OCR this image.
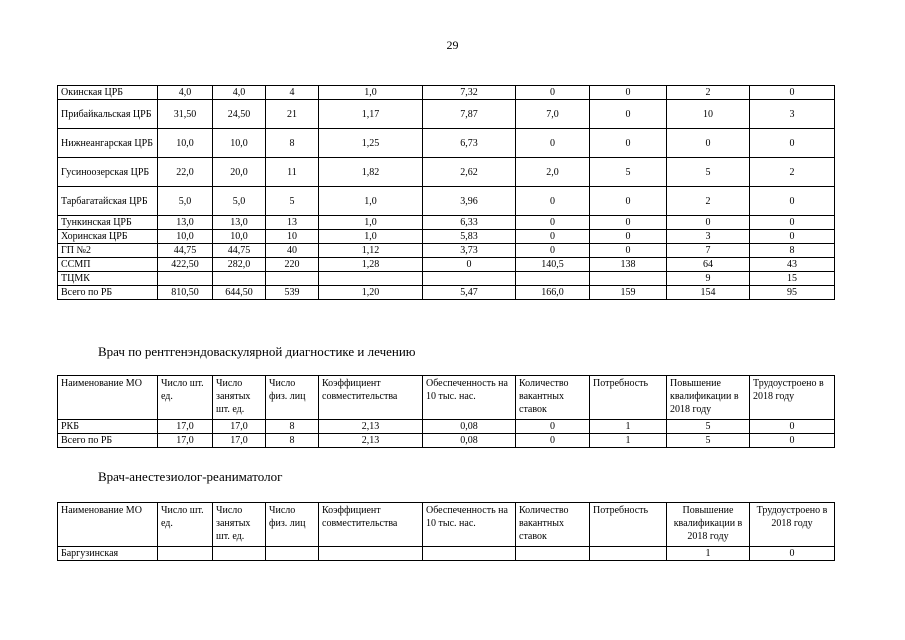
29
Окинская ЦРБ	4,0	4,0	4	1,0	7,32	0	0	2	0
Прибайкальская ЦРБ	31,50	24,50	21	1,17	7,87	7,0	0	10	3
Нижнеангарская ЦРБ	10,0	10,0	8	1,25	6,73	0	0	0	0
Гусиноозерская ЦРБ	22,0	20,0	11	1,82	2,62	2,0	5	5	2
Тарбагатайская ЦРБ	5,0	5,0	5	1,0	3,96	0	0	2	0
Тункинская ЦРБ	13,0	13,0	13	1,0	6,33	0	0	0	0
Хоринская ЦРБ	10,0	10,0	10	1,0	5,83	0	0	3	0
ГП №2	44,75	44,75	40	1,12	3,73	0	0	7	8
ССМП	422,50	282,0	220	1,28	0	140,5	138	64	43
ТЦМК								9	15
Всего по РБ	810,50	644,50	539	1,20	5,47	166,0	159	154	95
Врач по рентгенэндоваскулярной диагностике и лечению
Наименование МО	Число шт. ед.	Число занятых шт. ед.	Число физ. лиц	Коэффициент совместительства	Обеспеченность на 10 тыс. нас.	Количество вакантных ставок	Потребность	Повышение квалификации в 2018 году	Трудоустроено в 2018 году
РКБ	17,0	17,0	8	2,13	0,08	0	1	5	0
Всего по РБ	17,0	17,0	8	2,13	0,08	0	1	5	0
Врач-анестезиолог-реаниматолог
Наименование МО	Число шт. ед.	Число занятых шт. ед.	Число физ. лиц	Коэффициент совместительства	Обеспеченность на 10 тыс. нас.	Количество вакантных ставок	Потребность	Повышение квалификации в 2018 году	Трудоустроено в 2018 году
Баргузинская								1	0
